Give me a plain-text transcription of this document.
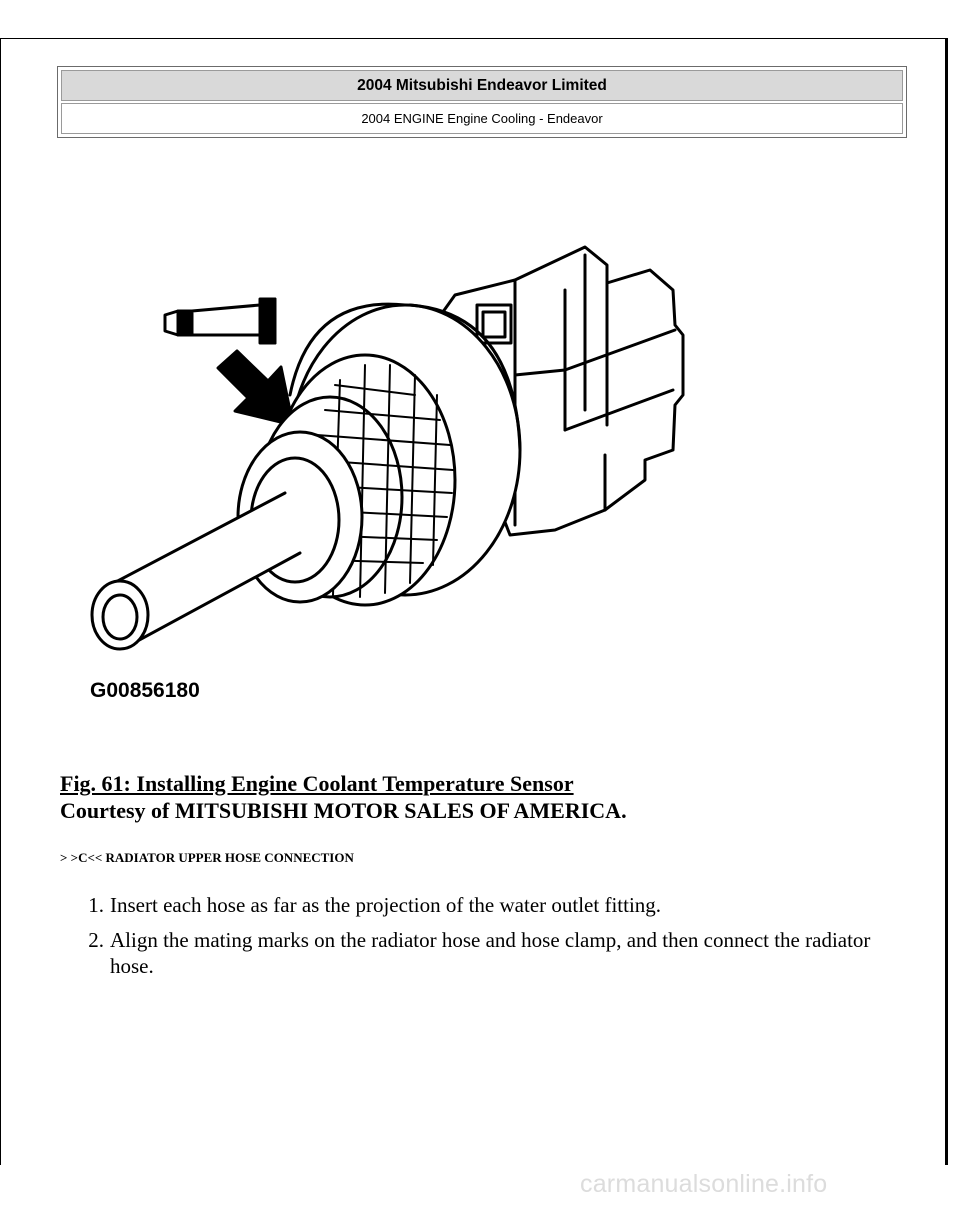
2004 Mitsubishi Endeavor Limited
2004 ENGINE Engine Cooling - Endeavor
G00856180
Fig. 61: Installing Engine Coolant Temperature Sensor
Courtesy of MITSUBISHI MOTOR SALES OF AMERICA.
> >C<< RADIATOR UPPER HOSE CONNECTION
1. Insert each hose as far as the projection of the water outlet fitting.
2. Align the mating marks on the radiator hose and hose clamp, and then connect the radiator hose.
carmanualsonline.info
